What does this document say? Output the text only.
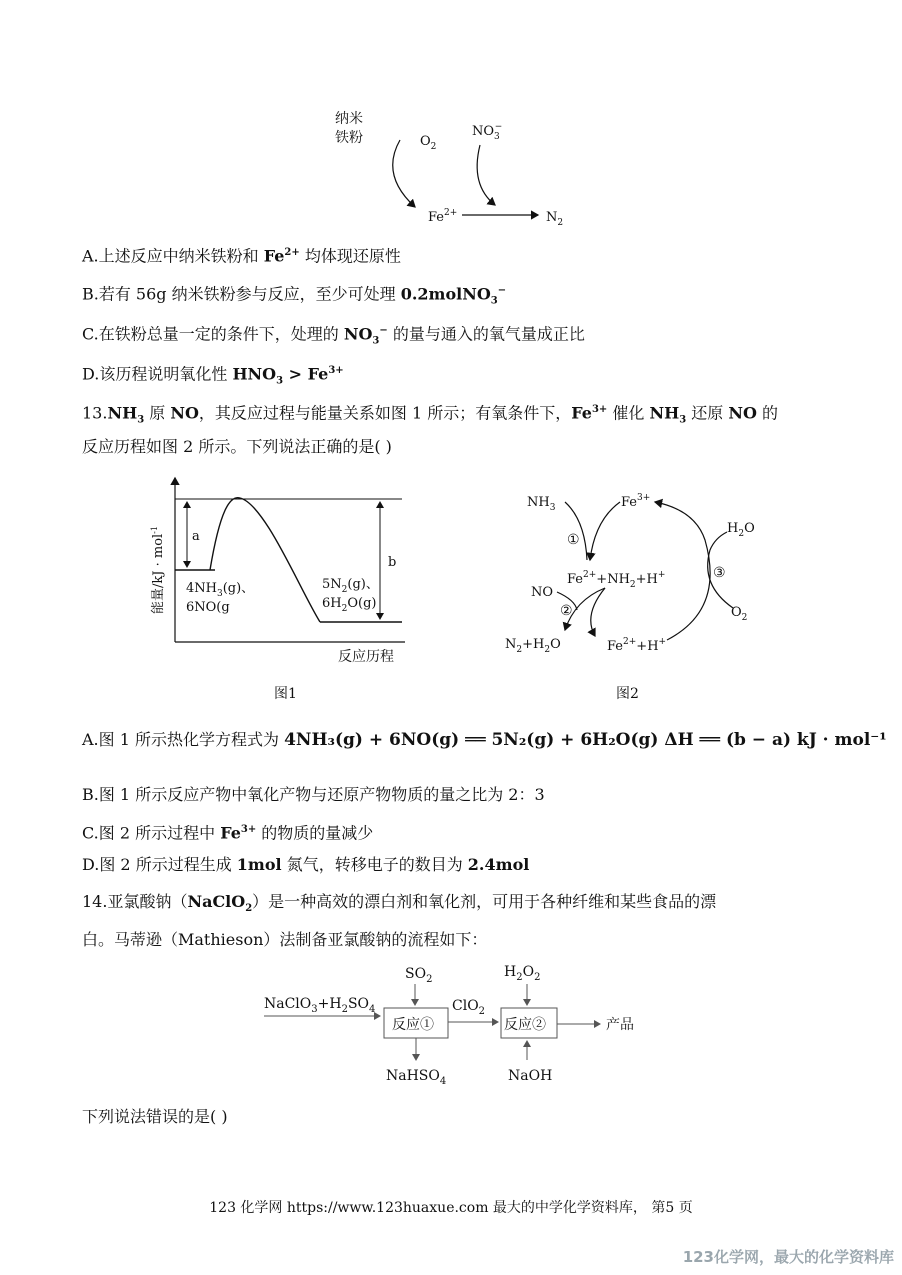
纳米
铁粉	$O_2$
$NO_3-$
$Fe^{2+}$	$N_2$
A.上述反应中纳米铁粉和 $Fe^{2+}$ 均体现还原性
B.若有 56g 纳米铁粉参与反应，至少可处理 0.2molNO$_3$−
C.在铁粉总量一定的条件下，处理的 $NO_3^-$ 的量与通入的氧气量成正比
D.该历程说明氧化性 $HNO_3 > Fe^{3+}$
$13.NH_3$ 原 NO，其反应过程与能量关系如图 1 所示；有氧条件下，$Fe^{3+}$ 催化 $NH_3$ 还原 NO 的
反应历程如图 2 所示。下列说法正确的是( )
能量/kJ · mol$^{-1}$	a
b
$4NH_3(g)$、
6NO(g
$5N_2(g)$、
$6H_2O(g)$
反应历程
图1
$NH_3$	$Fe^{3+}$
$H_2O$
①
$Fe^{2+}+NH_2+H^+$
NO
②
$N_2+H_2O$	$Fe^{2+}+H^+$
③
$O_2$
图2
A.图 1 所示热化学方程式为 4NH₃(g) + 6NO(g) ══ 5N₂(g) + 6H₂O(g) ΔH ══ (b − a) kJ · mol⁻¹
B.图 1 所示反应产物中氧化产物与还原产物物质的量之比为 2：3
C.图 2 所示过程中 $Fe^{3+}$ 的物质的量减少
D.图 2 所示过程生成 1mol 氮气，转移电子的数目为 2.4mol
14.亚氯酸钠（NaClO$_2$）是一种高效的漂白剂和氧化剂，可用于各种纤维和某些食品的漂
白。马蒂逊（Mathieson）法制备亚氯酸钠的流程如下：
$NaClO_3+H_2SO_4$
$SO_2$
反应①
ClO$_2$
NaHSO$_4$
$H_2O_2$
反应②
NaOH
产品
下列说法错误的是( )
123 化学网 https://www.123huaxue.com 最大的中学化学资料库， 第5 页
123化学网，最大的化学资料库
